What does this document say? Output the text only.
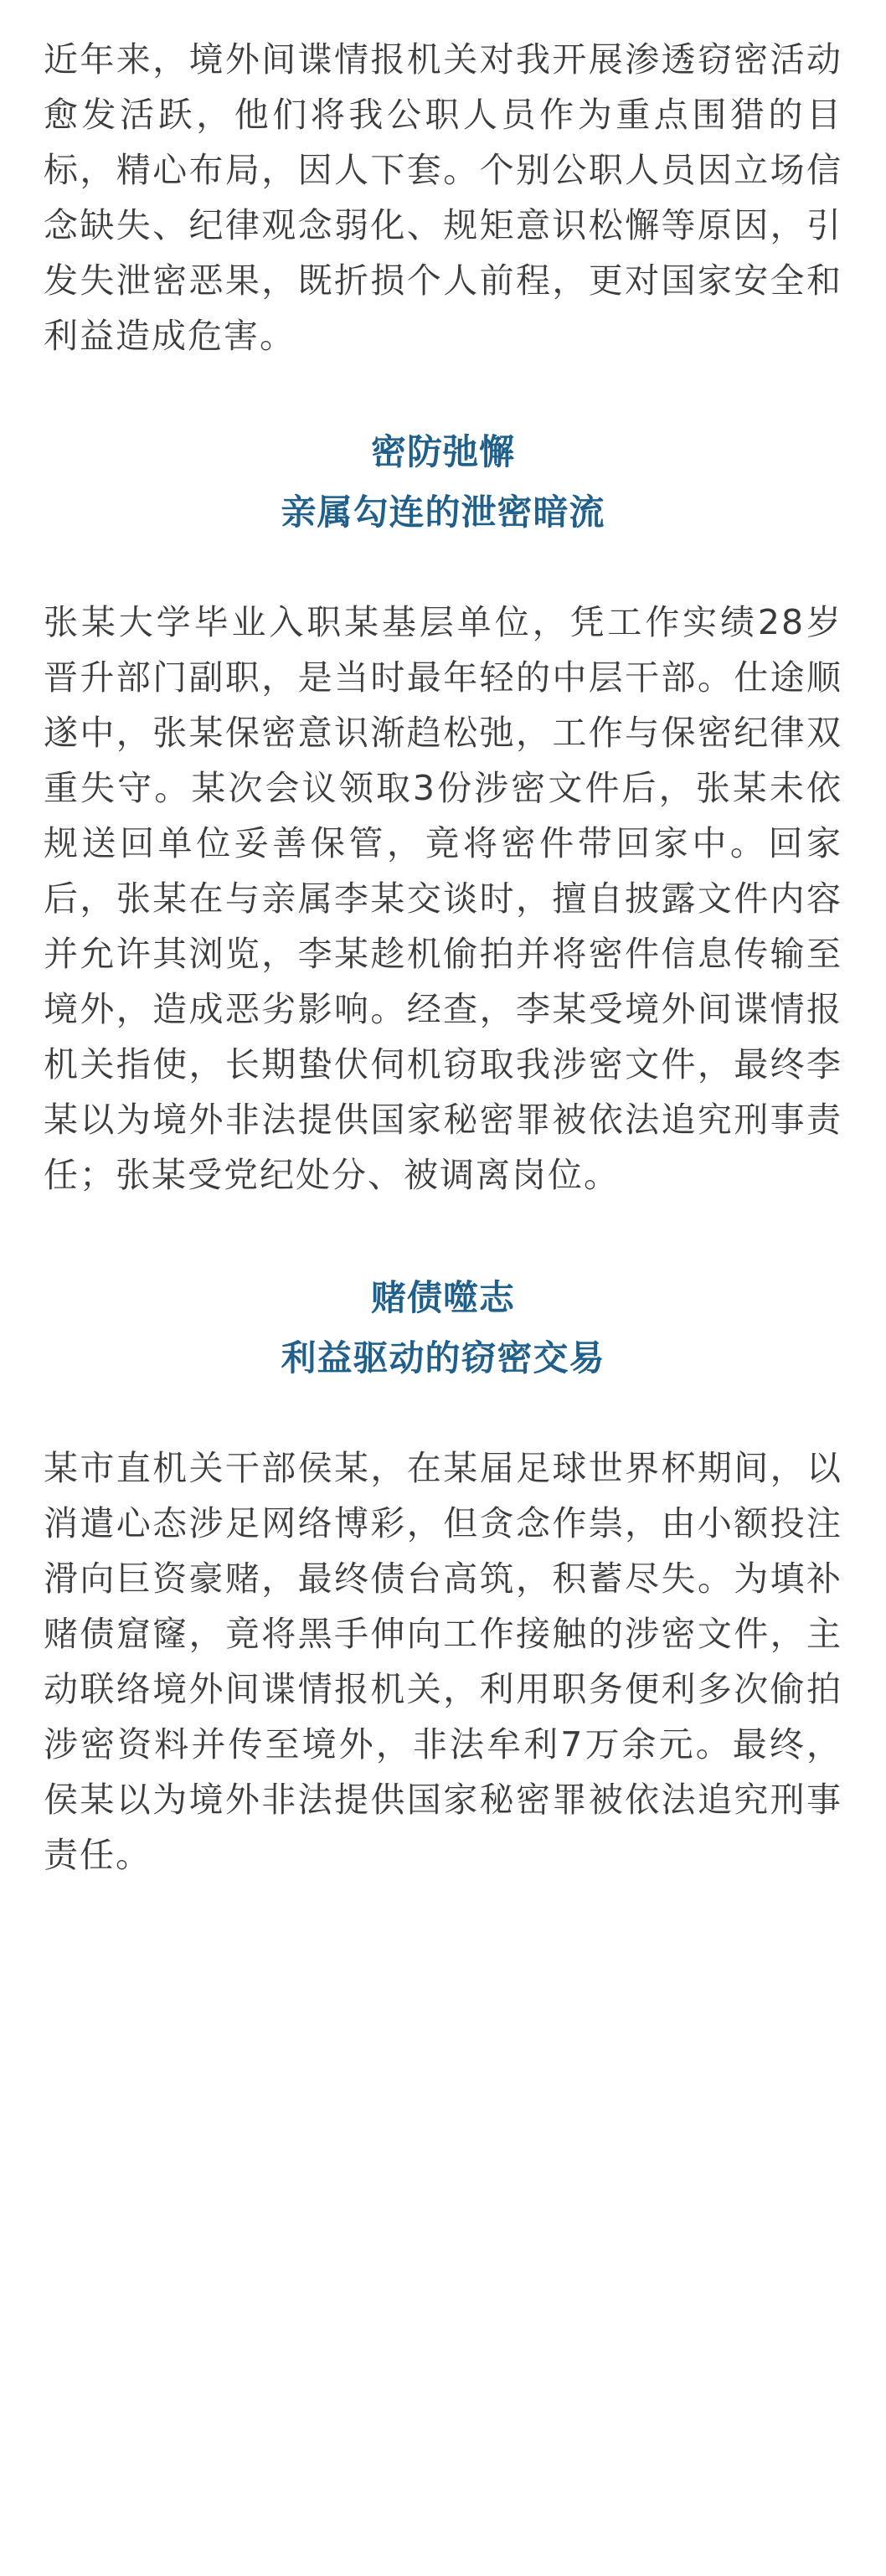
近年来，境外间谍情报机关对我开展渗透窃密活动愈发活跃，他们将我公职人员作为重点围猎的目标，精心布局，因人下套。个别公职人员因立场信念缺失、纪律观念弱化、规矩意识松懈等原因，引发失泄密恶果，既折损个人前程，更对国家安全和利益造成危害。

密防弛懈
亲属勾连的泄密暗流

张某大学毕业入职某基层单位，凭工作实绩28岁晋升部门副职，是当时最年轻的中层干部。仕途顺遂中，张某保密意识渐趋松弛，工作与保密纪律双重失守。某次会议领取3份涉密文件后，张某未依规送回单位妥善保管，竟将密件带回家中。回家后，张某在与亲属李某交谈时，擅自披露文件内容并允许其浏览，李某趁机偷拍并将密件信息传输至境外，造成恶劣影响。经查，李某受境外间谍情报机关指使，长期蛰伏伺机窃取我涉密文件，最终李某以为境外非法提供国家秘密罪被依法追究刑事责任；张某受党纪处分、被调离岗位。

赌债噬志
利益驱动的窃密交易

某市直机关干部侯某，在某届足球世界杯期间，以消遣心态涉足网络博彩，但贪念作祟，由小额投注滑向巨资豪赌，最终债台高筑，积蓄尽失。为填补赌债窟窿，竟将黑手伸向工作接触的涉密文件，主动联络境外间谍情报机关，利用职务便利多次偷拍涉密资料并传至境外，非法牟利7万余元。最终，侯某以为境外非法提供国家秘密罪被依法追究刑事责任。
